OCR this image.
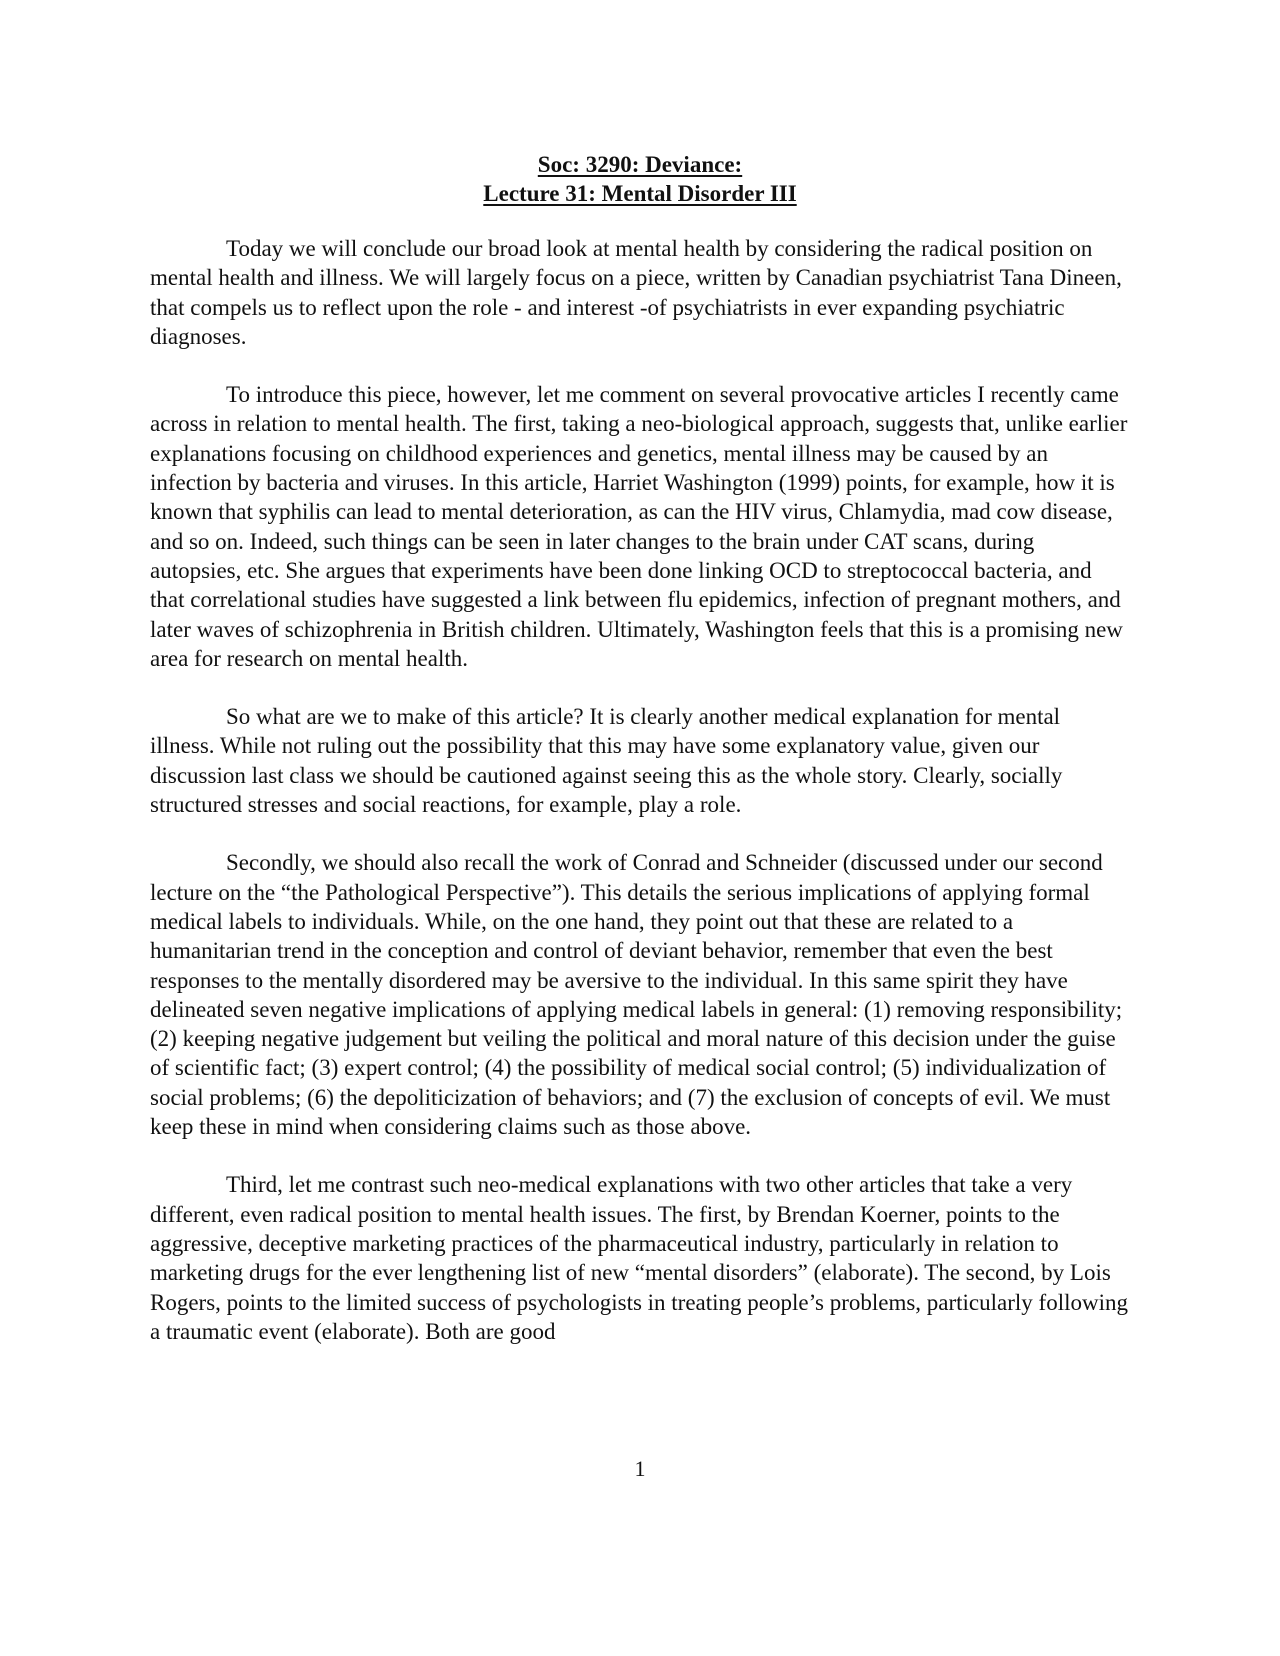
Soc: 3290: Deviance:
Lecture 31: Mental Disorder III

Today we will conclude our broad look at mental health by considering the radical position on mental health and illness. We will largely focus on a piece, written by Canadian psychiatrist Tana Dineen, that compels us to reflect upon the role - and interest -of psychiatrists in ever expanding psychiatric diagnoses.

To introduce this piece, however, let me comment on several provocative articles I recently came across in relation to mental health. The first, taking a neo-biological approach, suggests that, unlike earlier explanations focusing on childhood experiences and genetics, mental illness may be caused by an infection by bacteria and viruses. In this article, Harriet Washington (1999) points, for example, how it is known that syphilis can lead to mental deterioration, as can the HIV virus, Chlamydia, mad cow disease, and so on. Indeed, such things can be seen in later changes to the brain under CAT scans, during autopsies, etc. She argues that experiments have been done linking OCD to streptococcal bacteria, and that correlational studies have suggested a link between flu epidemics, infection of pregnant mothers, and later waves of schizophrenia in British children. Ultimately, Washington feels that this is a promising new area for research on mental health.

So what are we to make of this article? It is clearly another medical explanation for mental illness. While not ruling out the possibility that this may have some explanatory value, given our discussion last class we should be cautioned against seeing this as the whole story. Clearly, socially structured stresses and social reactions, for example, play a role.

Secondly, we should also recall the work of Conrad and Schneider (discussed under our second lecture on the “the Pathological Perspective”). This details the serious implications of applying formal medical labels to individuals. While, on the one hand, they point out that these are related to a humanitarian trend in the conception and control of deviant behavior, remember that even the best responses to the mentally disordered may be aversive to the individual. In this same spirit they have delineated seven negative implications of applying medical labels in general: (1) removing responsibility; (2) keeping negative judgement but veiling the political and moral nature of this decision under the guise of scientific fact; (3) expert control; (4) the possibility of medical social control; (5) individualization of social problems; (6) the depoliticization of behaviors; and (7) the exclusion of concepts of evil. We must keep these in mind when considering claims such as those above.

Third, let me contrast such neo-medical explanations with two other articles that take a very different, even radical position to mental health issues. The first, by Brendan Koerner, points to the aggressive, deceptive marketing practices of the pharmaceutical industry, particularly in relation to marketing drugs for the ever lengthening list of new “mental disorders” (elaborate). The second, by Lois Rogers, points to the limited success of psychologists in treating people’s problems, particularly following a traumatic event (elaborate). Both are good

1
